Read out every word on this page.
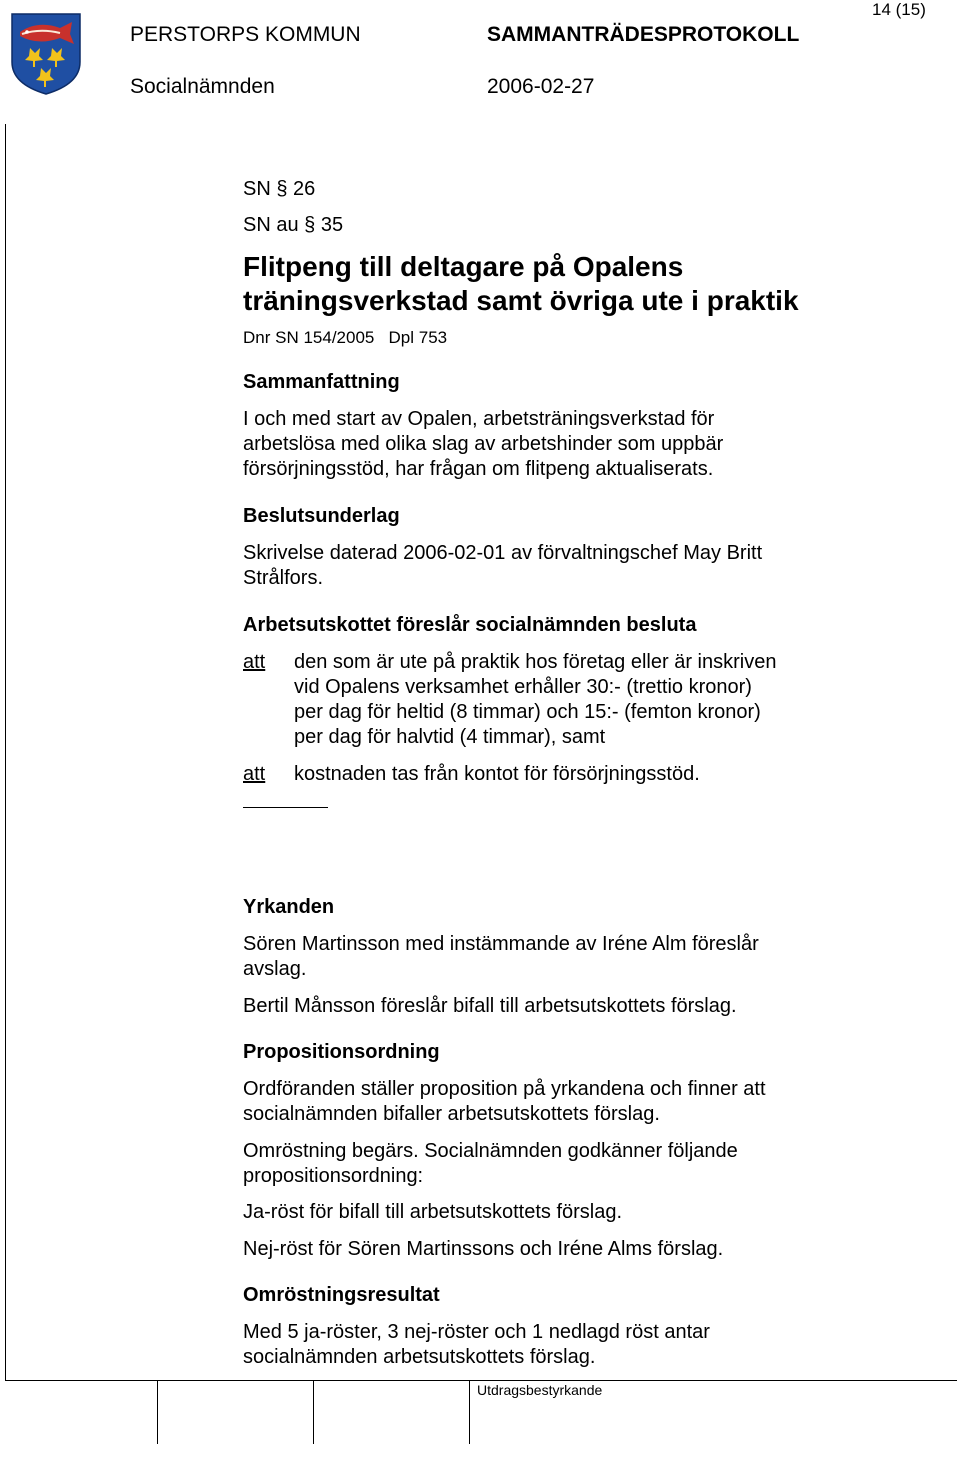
PERSTORPS KOMMUN	SAMMANTRÄDESPROTOKOLL
14 (15)
Socialnämnden	2006-02-27
SN § 26
SN au § 35
Flitpeng till deltagare på Opalens
träningsverkstad samt övriga ute i praktik
Dnr SN 154/2005   Dpl 753
Sammanfattning
I och med start av Opalen, arbetsträningsverkstad för
arbetslösa med olika slag av arbetshinder som uppbär
försörjningsstöd, har frågan om flitpeng aktualiserats.
Beslutsunderlag
Skrivelse daterad 2006-02-01 av förvaltningschef May Britt
Strålfors.
Arbetsutskottet föreslår socialnämnden besluta
att den som är ute på praktik hos företag eller är inskriven
vid Opalens verksamhet erhåller 30:- (trettio kronor)
per dag för heltid (8 timmar) och 15:- (femton kronor)
per dag för halvtid (4 timmar), samt
att kostnaden tas från kontot för försörjningsstöd.
Yrkanden
Sören Martinsson med instämmande av Iréne Alm föreslår
avslag.
Bertil Månsson föreslår bifall till arbetsutskottets förslag.
Propositionsordning
Ordföranden ställer proposition på yrkandena och finner att
socialnämnden bifaller arbetsutskottets förslag.
Omröstning begärs. Socialnämnden godkänner följande
propositionsordning:
Ja-röst för bifall till arbetsutskottets förslag.
Nej-röst för Sören Martinssons och Iréne Alms förslag.
Omröstningsresultat
Med 5 ja-röster, 3 nej-röster och 1 nedlagd röst antar
socialnämnden arbetsutskottets förslag.
Utdragsbestyrkande
